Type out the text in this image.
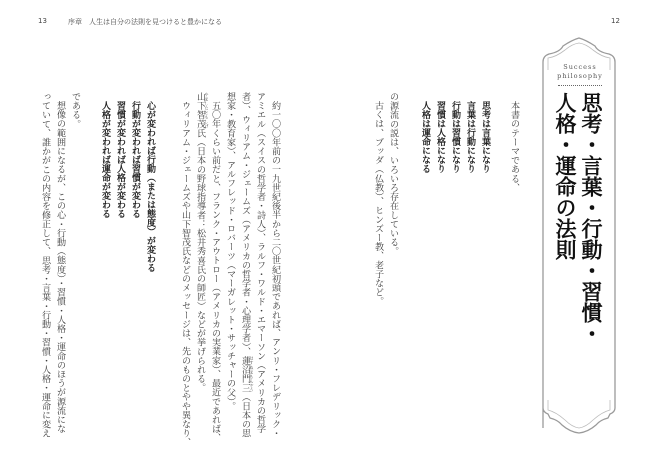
13	序章　人生は自分の法則を見つけると豊かになる	12
Success
philosophy
思考・言葉・行動・習慣・
人格・運命の法則
本書のテーマである、
思考は言葉になり
言葉は行動になり
行動は習慣になり
習慣は人格になり
人格は運命になる
の源流の説は、いろいろ存在している。
古くは、ブッダ（仏教）、ヒンズー教、老子など。
約一〇〇年前の一九世紀後半から二〇世紀初頭であれば、アンリ・フレデリック・
アミエル（スイスの哲学者・詩人）、ラルフ・ワルド・エマーソン（アメリカの哲学
者）、ウィリアム・ジェームズ（アメリカの哲学者・心理学者）、蓮沼門三 はすぬまもんぞう（日本の思
想家・教育家）、アルフレッド・ロバーツ（マーガレット・サッチャーの父）。
五〇年くらい前だと、フランク・アウトロー（アメリカの実業家）、最近であれば、
山下智茂 やましたともしげ氏（日本の野球指導者：松井秀喜氏の師匠）などが挙げられる。
ウィリアム・ジェームズや山下智茂氏などのメッセージは、先のものとやや異なり、
心が変われば行動（または態度）が変わる
行動が変われば習慣が変わる
習慣が変われば人格が変わる
人格が変われば運命が変わる
である。
想像の範囲になるが、この心・行動（態度）・習慣・人格・運命のほうが源流にな
っていて、誰かがこの内容を修正して、思考・言葉・行動・習慣・人格・運命に変え
